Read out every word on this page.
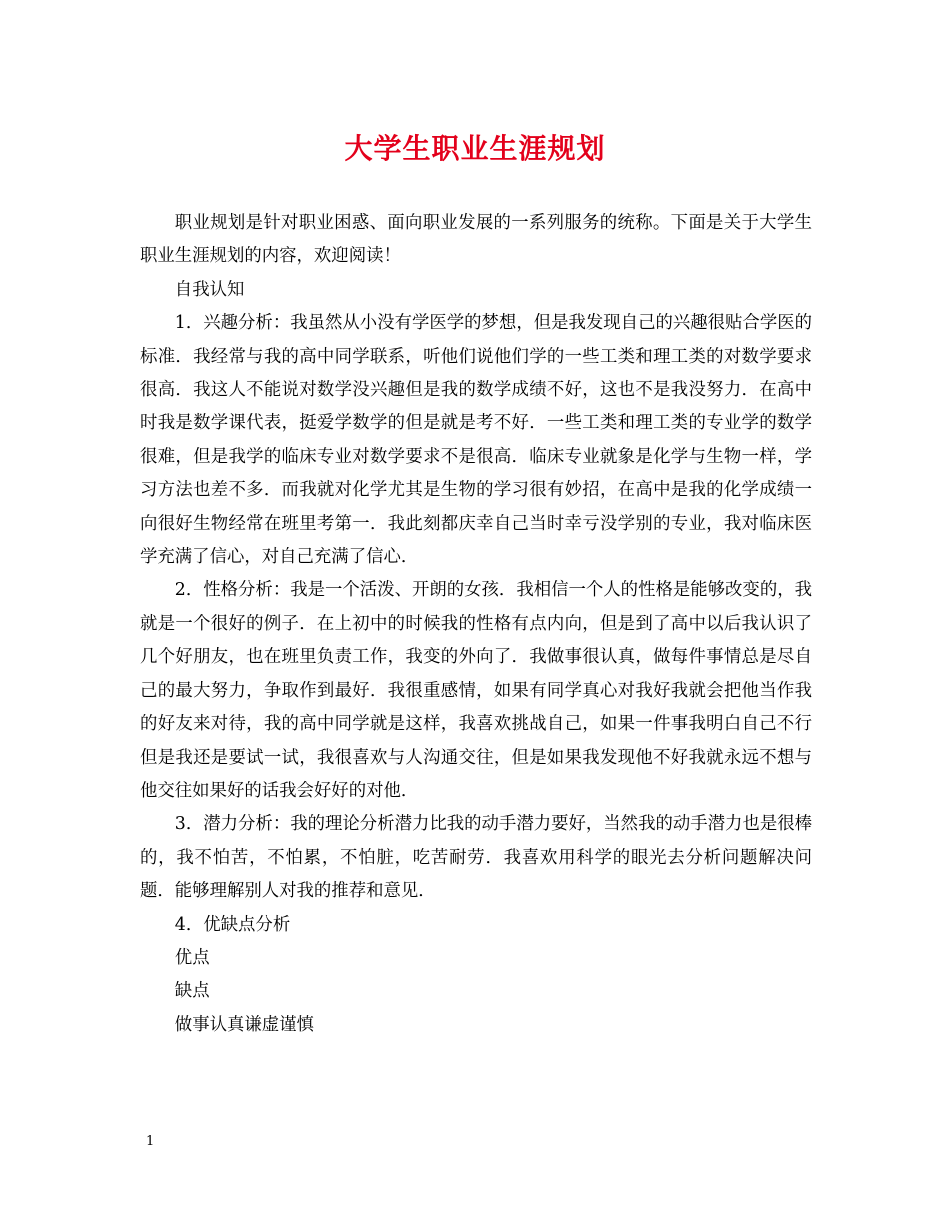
大学生职业生涯规划

职业规划是针对职业困惑、面向职业发展的一系列服务的统称。下面是关于大学生职业生涯规划的内容，欢迎阅读！

自我认知

1．兴趣分析：我虽然从小没有学医学的梦想，但是我发现自己的兴趣很贴合学医的标准．我经常与我的高中同学联系，听他们说他们学的一些工类和理工类的对数学要求很高．我这人不能说对数学没兴趣但是我的数学成绩不好，这也不是我没努力．在高中时我是数学课代表，挺爱学数学的但是就是考不好．一些工类和理工类的专业学的数学很难，但是我学的临床专业对数学要求不是很高．临床专业就象是化学与生物一样，学习方法也差不多．而我就对化学尤其是生物的学习很有妙招，在高中是我的化学成绩一向很好生物经常在班里考第一．我此刻都庆幸自己当时幸亏没学别的专业，我对临床医学充满了信心，对自己充满了信心．

2．性格分析：我是一个活泼、开朗的女孩．我相信一个人的性格是能够改变的，我就是一个很好的例子．在上初中的时候我的性格有点内向，但是到了高中以后我认识了几个好朋友，也在班里负责工作，我变的外向了．我做事很认真，做每件事情总是尽自己的最大努力，争取作到最好．我很重感情，如果有同学真心对我好我就会把他当作我的好友来对待，我的高中同学就是这样，我喜欢挑战自己，如果一件事我明白自己不行但是我还是要试一试，我很喜欢与人沟通交往，但是如果我发现他不好我就永远不想与他交往如果好的话我会好好的对他．

3．潜力分析：我的理论分析潜力比我的动手潜力要好，当然我的动手潜力也是很棒的，我不怕苦，不怕累，不怕脏，吃苦耐劳．我喜欢用科学的眼光去分析问题解决问题．能够理解别人对我的推荐和意见．

4．优缺点分析

优点

缺点

做事认真谦虚谨慎

1
